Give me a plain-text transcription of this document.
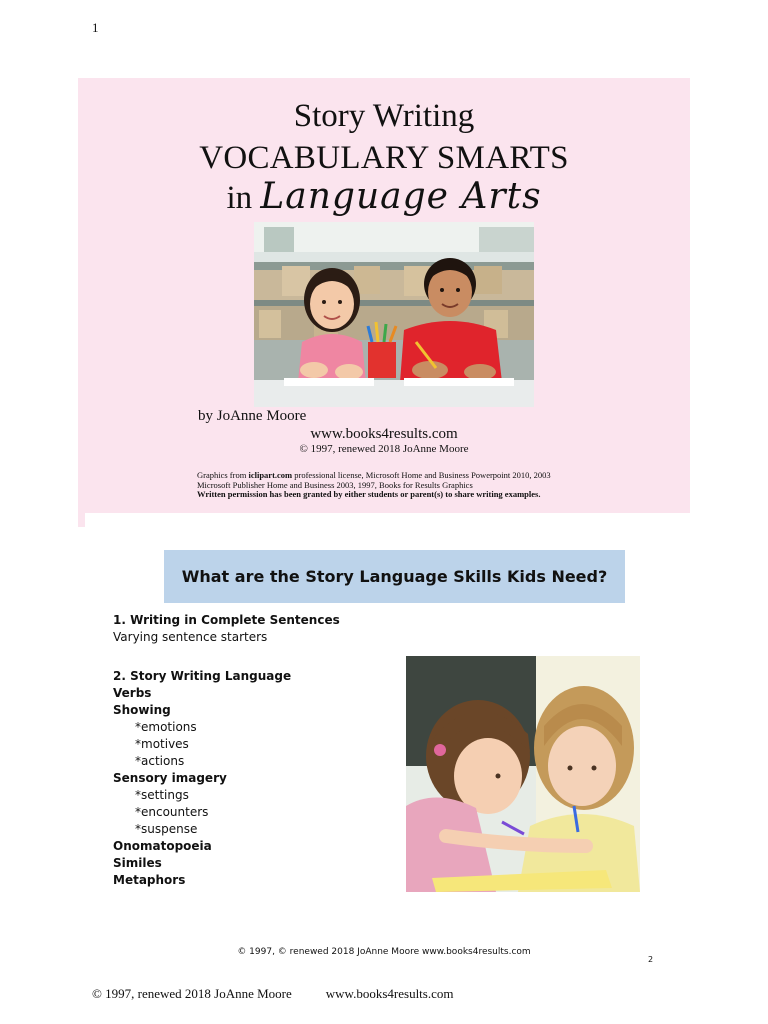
1
Story Writing
VOCABULARY SMARTS
in Language Arts
by JoAnne Moore
www.books4results.com
© 1997, renewed 2018 JoAnne Moore
Graphics from iclipart.com professional license, Microsoft Home and Business Powerpoint 2010, 2003
Microsoft Publisher Home and Business 2003, 1997, Books for Results Graphics
Written permission has been granted by either students or parent(s) to share writing examples.
What are the Story Language Skills Kids Need?
1. Writing in Complete Sentences
Varying sentence starters
2. Story Writing Language
Verbs
Showing
*emotions
*motives
*actions
Sensory imagery
*settings
*encounters
*suspense
Onomatopoeia
Similes
Metaphors
© 1997, © renewed 2018 JoAnne Moore www.books4results.com
2
© 1997, renewed 2018 JoAnne Moore	www.books4results.com
